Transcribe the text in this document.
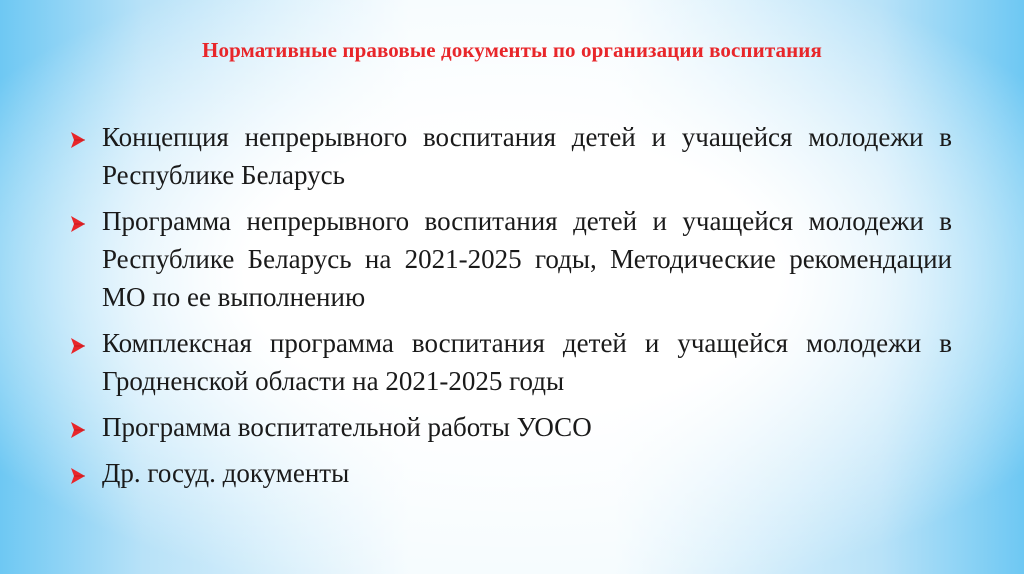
Нормативные правовые документы по организации воспитания
Концепция непрерывного воспитания детей и учащейся молодежи в Республике Беларусь
Программа непрерывного воспитания детей и учащейся молодежи в Республике Беларусь на 2021-2025 годы, Методические рекомендации МО по ее выполнению
Комплексная программа воспитания детей и учащейся молодежи в Гродненской области на 2021-2025 годы
Программа воспитательной работы УОСО
Др. госуд. документы
